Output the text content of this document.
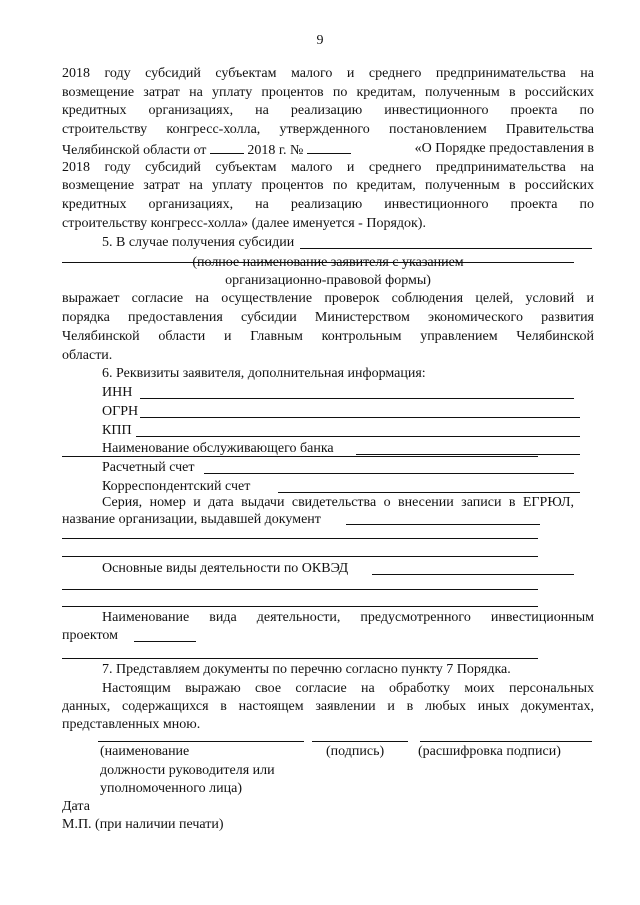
9
2018 году субсидий субъектам малого и среднего предпринимательства на
возмещение затрат на уплату процентов по кредитам, полученным в российских
кредитных организациях, на реализацию инвестиционного проекта по
строительству конгресс-холла, утвержденного постановлением Правительства
Челябинской области от	2018 г. №	«О Порядке предоставления в
2018 году субсидий субъектам малого и среднего предпринимательства на
возмещение затрат на уплату процентов по кредитам, полученным в российских
кредитных организациях, на реализацию инвестиционного проекта по
строительству конгресс-холла» (далее именуется - Порядок).
5. В случае получения субсидии
(полное наименование заявителя с указанием
организационно-правовой формы)
выражает согласие на осуществление проверок соблюдения целей, условий и
порядка предоставления субсидии Министерством экономического развития
Челябинской области и Главным контрольным управлением Челябинской
области.
6. Реквизиты заявителя, дополнительная информация:
ИНН
ОГРН
КПП
Наименование обслуживающего банка
Расчетный счет
Корреспондентский счет
Серия, номер и дата выдачи свидетельства о внесении записи в ЕГРЮЛ,
название организации, выдавшей документ
Основные виды деятельности по ОКВЭД
Наименование вида деятельности, предусмотренного инвестиционным
проектом
7. Представляем документы по перечню согласно пункту 7 Порядка.
Настоящим выражаю свое согласие на обработку моих персональных
данных, содержащихся в настоящем заявлении и в любых иных документах,
представленных мною.
(наименование	(подпись) (расшифровка подписи)
должности руководителя или
уполномоченного лица)
Дата
М.П. (при наличии печати)
